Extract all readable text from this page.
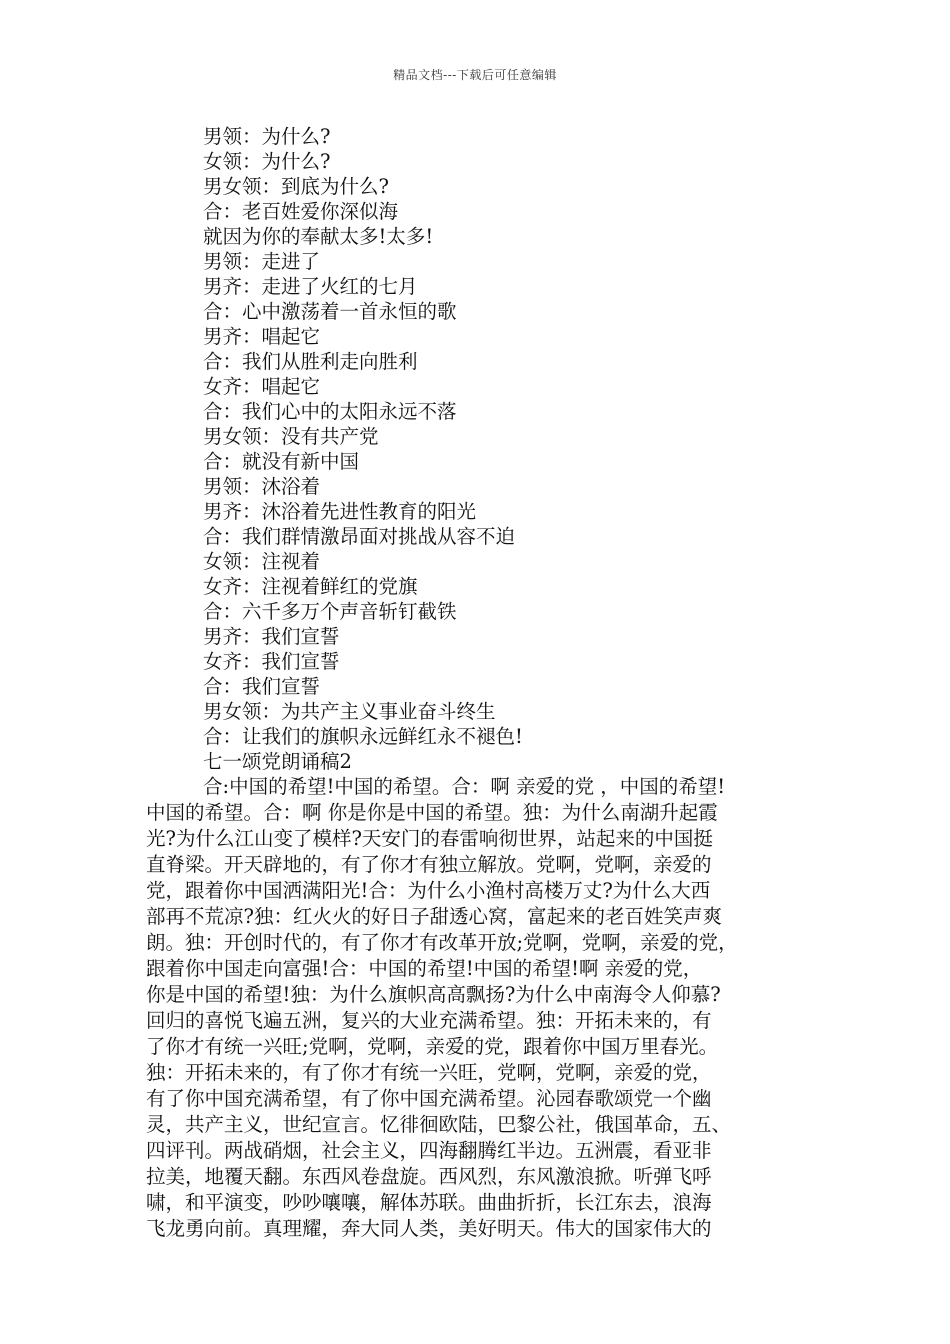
精品文档---下载后可任意编辑
男领：为什么?
女领：为什么?
男女领：到底为什么?
合：老百姓爱你深似海
就因为你的奉献太多!太多!
男领：走进了
男齐：走进了火红的七月
合：心中激荡着一首永恒的歌
男齐：唱起它
合：我们从胜利走向胜利
女齐：唱起它
合：我们心中的太阳永远不落
男女领：没有共产党
合：就没有新中国
男领：沐浴着
男齐：沐浴着先进性教育的阳光
合：我们群情激昂面对挑战从容不迫
女领：注视着
女齐：注视着鲜红的党旗
合：六千多万个声音斩钉截铁
男齐：我们宣誓
女齐：我们宣誓
合：我们宣誓
男女领：为共产主义事业奋斗终生
合：让我们的旗帜永远鲜红永不褪色!
七一颂党朗诵稿2
合:中国的希望!中国的希望。合：啊 亲爱的党 ，中国的希望!
中国的希望。合：啊 你是你是中国的希望。独：为什么南湖升起霞
光?为什么江山变了模样?天安门的春雷响彻世界，站起来的中国挺
直脊梁。开天辟地的，有了你才有独立解放。党啊，党啊，亲爱的
党，跟着你中国洒满阳光!合：为什么小渔村高楼万丈?为什么大西
部再不荒凉?独：红火火的好日子甜透心窝，富起来的老百姓笑声爽
朗。独：开创时代的，有了你才有改革开放;党啊，党啊，亲爱的党，
跟着你中国走向富强!合：中国的希望!中国的希望!啊 亲爱的党，
你是中国的希望!独：为什么旗帜高高飘扬?为什么中南海令人仰慕?
回归的喜悦飞遍五洲，复兴的大业充满希望。独：开拓未来的，有
了你才有统一兴旺;党啊，党啊，亲爱的党，跟着你中国万里春光。
独：开拓未来的，有了你才有统一兴旺，党啊，党啊，亲爱的党，
有了你中国充满希望，有了你中国充满希望。沁园春歌颂党一个幽
灵，共产主义，世纪宣言。忆徘徊欧陆，巴黎公社，俄国革命，五、
四评刊。两战硝烟，社会主义，四海翻腾红半边。五洲震，看亚非
拉美，地覆天翻。东西风卷盘旋。西风烈，东风激浪掀。听弹飞呼
啸，和平演变，吵吵嚷嚷，解体苏联。曲曲折折，长江东去，浪海
飞龙勇向前。真理耀，奔大同人类，美好明天。伟大的国家伟大的
